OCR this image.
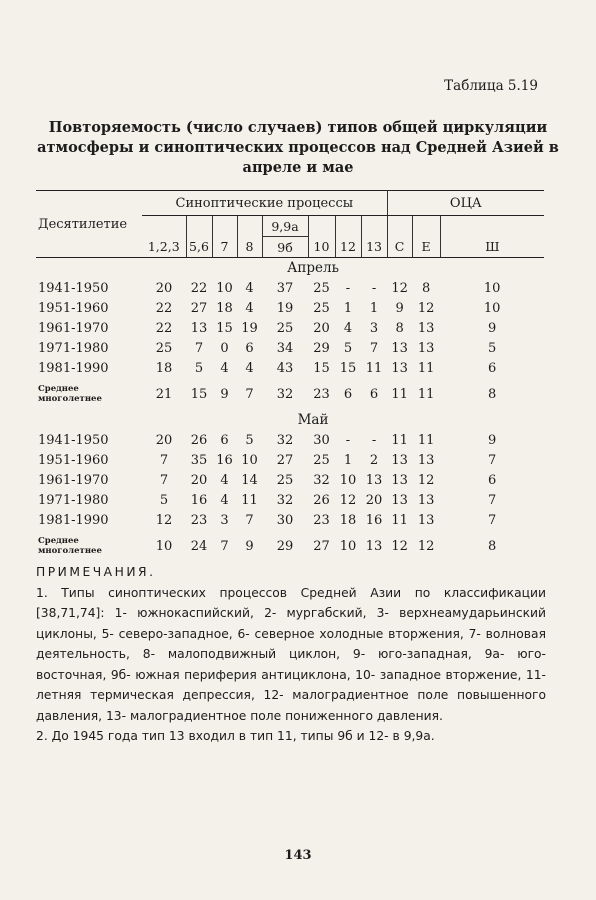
Таблица 5.19
Повторяемость (число случаев) типов общей циркуляции атмосферы и синоптических процессов над Средней Азией в апреле и мае
Десятилетие	Синоптические процессы								ОЦА		
					9,9а						
	1,2,3	5,6	7	8	9б	10	12	13	С	Е	Ш
	Апрель										
1941-1950	20	22	10	4	37	25	-	-	12	8	10
1951-1960	22	27	18	4	19	25	1	1	9	12	10
1961-1970	22	13	15	19	25	20	4	3	8	13	9
1971-1980	25	7	0	6	34	29	5	7	13	13	5
1981-1990	18	5	4	4	43	15	15	11	13	11	6
Среднее многолетнее	21	15	9	7	32	23	6	6	11	11	8
	Май										
1941-1950	20	26	6	5	32	30	-	-	11	11	9
1951-1960	7	35	16	10	27	25	1	2	13	13	7
1961-1970	7	20	4	14	25	32	10	13	13	12	6
1971-1980	5	16	4	11	32	26	12	20	13	13	7
1981-1990	12	23	3	7	30	23	18	16	11	13	7
Среднее многолетнее	10	24	7	9	29	27	10	13	12	12	8

ПРИМЕЧАНИЯ.

1. Типы синоптических процессов Средней Азии по классификации [38,71,74]: 1- южнокаспийский, 2- мургабский, 3- верхнеамударьинский циклоны, 5- северо-западное, 6- северное холодные вторжения, 7- волновая деятельность, 8- малоподвижный циклон, 9- юго-западная, 9а- юго-восточная, 9б- южная периферия антициклона, 10- западное вторжение, 11- летняя термическая депрессия, 12- малоградиентное поле повышенного давления, 13- малоградиентное поле пониженного давления.

2. До 1945 года тип 13 входил в тип 11, типы 9б и 12- в 9,9а.

143
